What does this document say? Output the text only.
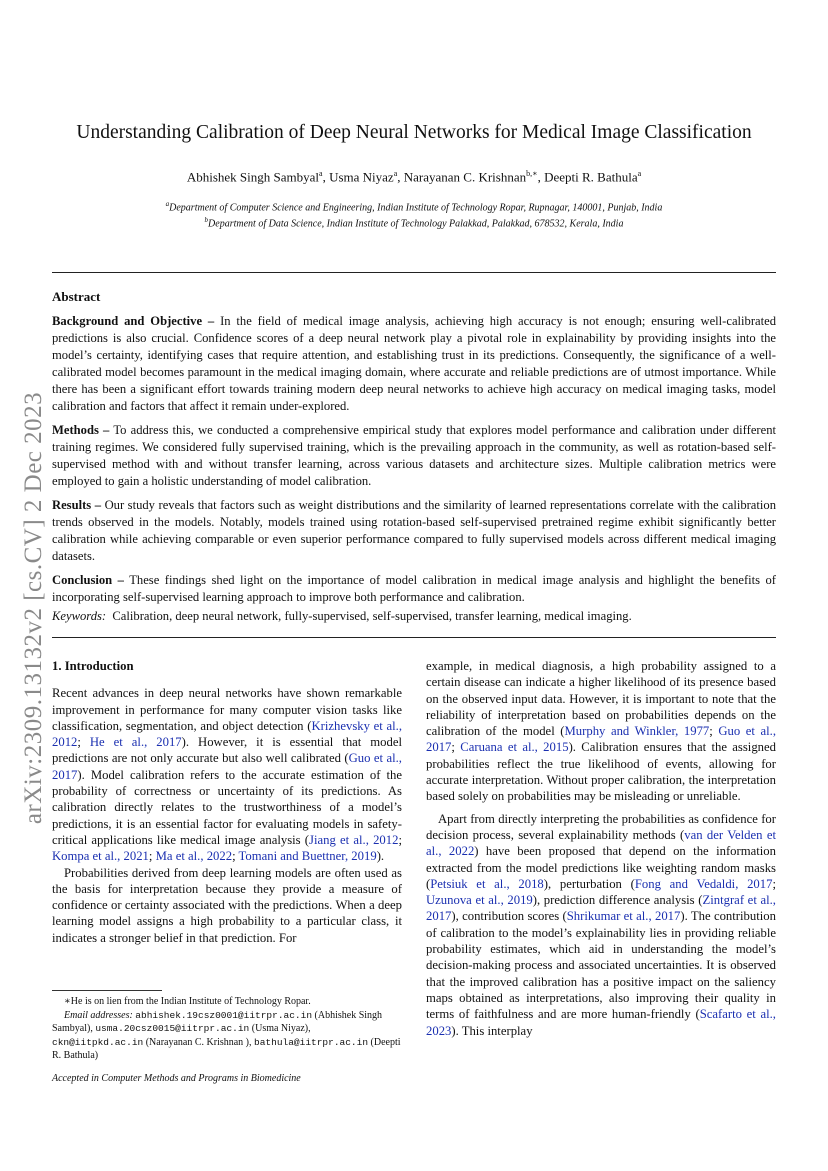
arXiv:2309.13132v2 [cs.CV] 2 Dec 2023
Understanding Calibration of Deep Neural Networks for Medical Image Classification
Abhishek Singh Sambyal$^a$, Usma Niyaz$^a$, Narayanan C. Krishnan$^{b,∗}$, Deepti R. Bathula$^a$
$^a$Department of Computer Science and Engineering, Indian Institute of Technology Ropar, Rupnagar, 140001, Punjab, India
$^b$Department of Data Science, Indian Institute of Technology Palakkad, Palakkad, 678532, Kerala, India
Abstract

Background and Objective – In the field of medical image analysis, achieving high accuracy is not enough; ensuring well-calibrated predictions is also crucial. Confidence scores of a deep neural network play a pivotal role in explainability by providing insights into the model’s certainty, identifying cases that require attention, and establishing trust in its predictions. Consequently, the significance of a well-calibrated model becomes paramount in the medical imaging domain, where accurate and reliable predictions are of utmost importance. While there has been a significant effort towards training modern deep neural networks to achieve high accuracy on medical imaging tasks, model calibration and factors that affect it remain under-explored.

Methods – To address this, we conducted a comprehensive empirical study that explores model performance and calibration under different training regimes. We considered fully supervised training, which is the prevailing approach in the community, as well as rotation-based self-supervised method with and without transfer learning, across various datasets and architecture sizes. Multiple calibration metrics were employed to gain a holistic understanding of model calibration.

Results – Our study reveals that factors such as weight distributions and the similarity of learned representations correlate with the calibration trends observed in the models. Notably, models trained using rotation-based self-supervised pretrained regime exhibit significantly better calibration while achieving comparable or even superior performance compared to fully supervised models across different medical imaging datasets.

Conclusion – These findings shed light on the importance of model calibration in medical image analysis and highlight the benefits of incorporating self-supervised learning approach to improve both performance and calibration.

Keywords: Calibration, deep neural network, fully-supervised, self-supervised, transfer learning, medical imaging.
1. Introduction

Recent advances in deep neural networks have shown remarkable improvement in performance for many computer vision tasks like classification, segmentation, and object detection (Krizhevsky et al., 2012; He et al., 2017). However, it is essential that model predictions are not only accurate but also well calibrated (Guo et al., 2017). Model calibration refers to the accurate estimation of the probability of correctness or uncertainty of its predictions. As calibration directly relates to the trustworthiness of a model’s predictions, it is an essential factor for evaluating models in safety-critical applications like medical image analysis (Jiang et al., 2012; Kompa et al., 2021; Ma et al., 2022; Tomani and Buettner, 2019).

Probabilities derived from deep learning models are often used as the basis for interpretation because they provide a measure of confidence or certainty associated with the predictions. When a deep learning model assigns a high probability to a particular class, it indicates a stronger belief in that prediction. For

example, in medical diagnosis, a high probability assigned to a certain disease can indicate a higher likelihood of its presence based on the observed input data. However, it is important to note that the reliability of interpretation based on probabilities depends on the calibration of the model (Murphy and Winkler, 1977; Guo et al., 2017; Caruana et al., 2015). Calibration ensures that the assigned probabilities reflect the true likelihood of events, allowing for accurate interpretation. Without proper calibration, the interpretation based solely on probabilities may be misleading or unreliable.

Apart from directly interpreting the probabilities as confidence for decision process, several explainability methods (van der Velden et al., 2022) have been proposed that depend on the information extracted from the model predictions like weighting random masks (Petsiuk et al., 2018), perturbation (Fong and Vedaldi, 2017; Uzunova et al., 2019), prediction difference analysis (Zintgraf et al., 2017), contribution scores (Shrikumar et al., 2017). The contribution of calibration to the model’s explainability lies in providing reliable probability estimates, which aid in understanding the model’s decision-making process and associated uncertainties. It is observed that the improved calibration has a positive impact on the saliency maps obtained as interpretations, also improving their quality in terms of faithfulness and are more human-friendly (Scafarto et al., 2023). This interplay

∗He is on lien from the Indian Institute of Technology Ropar.

Email addresses: abhishek.19csz0001@iitrpr.ac.in (Abhishek Singh Sambyal), usma.20csz0015@iitrpr.ac.in (Usma Niyaz), ckn@iitpkd.ac.in (Narayanan C. Krishnan ), bathula@iitrpr.ac.in (Deepti R. Bathula)

Accepted in Computer Methods and Programs in Biomedicine
